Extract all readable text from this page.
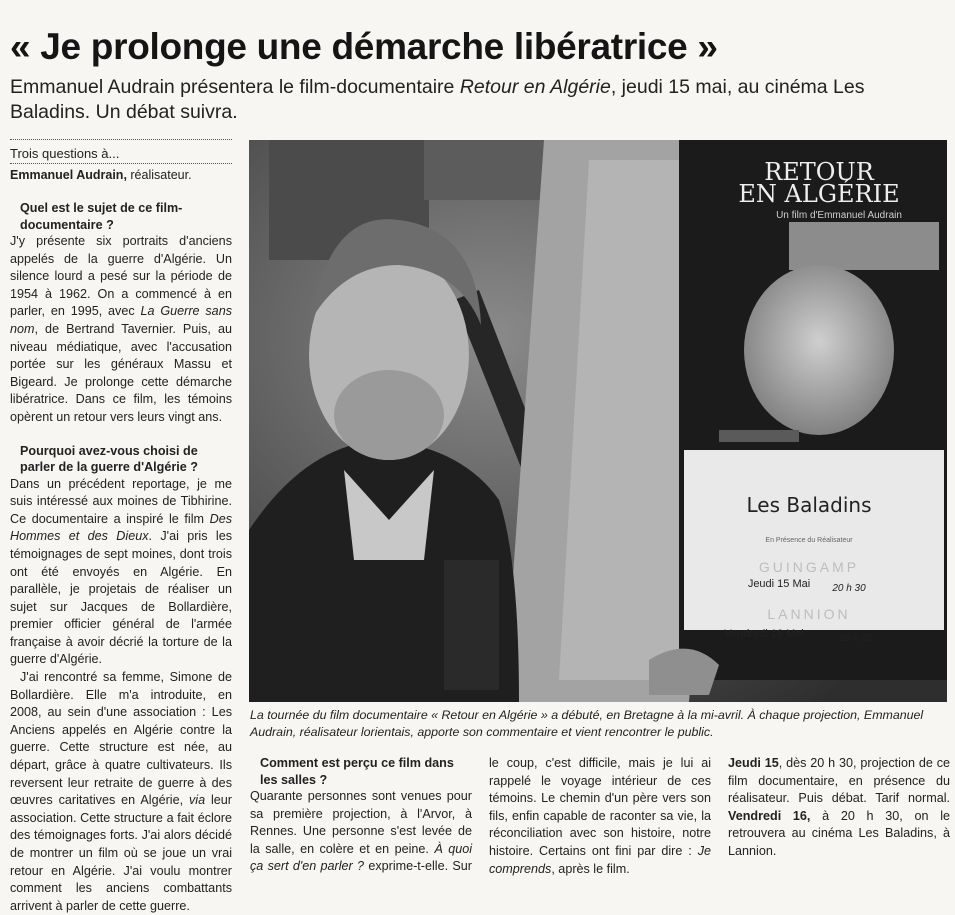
« Je prolonge une démarche libératrice »

Emmanuel Audrain présentera le film-documentaire Retour en Algérie, jeudi 15 mai, au cinéma Les Baladins. Un débat suivra.

Trois questions à...
Emmanuel Audrain, réalisateur.

Quel est le sujet de ce film-documentaire ?

J'y présente six portraits d'anciens appelés de la guerre d'Algérie. Un silence lourd a pesé sur la période de 1954 à 1962. On a commencé à en parler, en 1995, avec La Guerre sans nom, de Bertrand Tavernier. Puis, au niveau médiatique, avec l'accusation portée sur les généraux Massu et Bigeard. Je prolonge cette démarche libératrice. Dans ce film, les témoins opèrent un retour vers leurs vingt ans.

Pourquoi avez-vous choisi de parler de la guerre d'Algérie ?

Dans un précédent reportage, je me suis intéressé aux moines de Tibhirine. Ce documentaire a inspiré le film Des Hommes et des Dieux. J'ai pris les témoignages de sept moines, dont trois ont été envoyés en Algérie. En parallèle, je projetais de réaliser un sujet sur Jacques de Bollardière, premier officier général de l'armée française à avoir décrié la torture de la guerre d'Algérie.

J'ai rencontré sa femme, Simone de Bollardière. Elle m'a introduite, en 2008, au sein d'une association : Les Anciens appelés en Algérie contre la guerre. Cette structure est née, au départ, grâce à quatre cultivateurs. Ils reversent leur retraite de guerre à des œuvres caritatives en Algérie, via leur association. Cette structure a fait éclore des témoignages forts. J'ai alors décidé de montrer un film où se joue un vrai retour en Algérie. J'ai voulu montrer comment les anciens combattants arrivent à parler de cette guerre.

RETOUR
EN ALGÉRIE
Un film d'Emmanuel Audrain
Les Baladins
En Présence du Réalisateur
GUINGAMP
Jeudi 15 Mai 20 h 30
LANNION
Vendredi 16 Mai	20 h 30

La tournée du film documentaire « Retour en Algérie » a débuté, en Bretagne à la mi-avril. À chaque projection, Emmanuel Audrain, réalisateur lorientais, apporte son commentaire et vient rencontrer le public.

Comment est perçu ce film dans les salles ?

Quarante personnes sont venues pour sa première projection, à l'Arvor, à Rennes. Une personne s'est levée de la salle, en colère et en peine. À quoi ça sert d'en parler ? exprime-t-elle. Sur le coup, c'est difficile, mais je lui ai rappelé le voyage intérieur de ces témoins. Le chemin d'un père vers son fils, enfin capable de raconter sa vie, la réconciliation avec son histoire, notre histoire. Certains ont fini par dire : Je comprends, après le film.

Jeudi 15, dès 20 h 30, projection de ce film documentaire, en présence du réalisateur. Puis débat. Tarif normal. Vendredi 16, à 20 h 30, on le retrouvera au cinéma Les Baladins, à Lannion.
